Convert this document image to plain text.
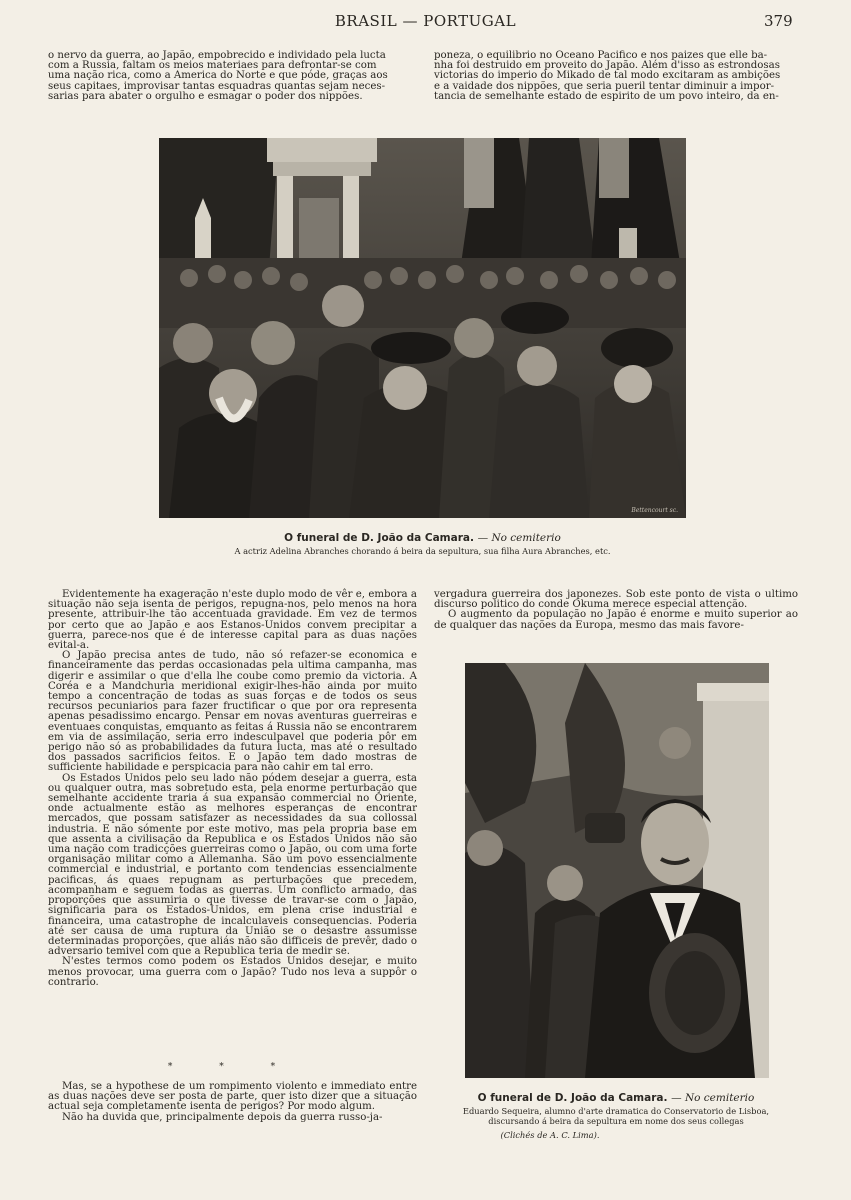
BRASIL — PORTUGAL	379

o nervo da guerra, ao Japão, empobrecido e individado pela lucta

com a Russia, faltam os meios materiaes para defrontar-se com

uma nação rica, como a America do Norte e que póde, graças aos

seus capitaes, improvisar tantas esquadras quantas sejam neces-

sarias para abater o orgulho e esmagar o poder dos nippões.

poneza, o equilibrio no Oceano Pacifico e nos paizes que elle ba-

nha foi destruido em proveito do Japão. Além d'isso as estrondosas

victorias do imperio do Mikado de tal modo excitaram as ambições

e a vaidade dos nippões, que seria pueril tentar diminuir a impor-

tancia de semelhante estado de espirito de um povo inteiro, da en-

Bettencourt sc.
O funeral de D. João da Camara. — No cemiterio
A actriz Adelina Abranches chorando á beira da sepultura, sua filha Aura Abranches, etc.

Evidentemente ha exageração n'este duplo modo de vêr e, embora a situação não seja isenta de perigos, repugna-nos, pelo menos na hora presente, attribuir-lhe tão accentuada gravidade. Em vez de termos por certo que ao Japão e aos Estanos-Unidos convem precipitar a guerra, parece-nos que é de interesse capital para as duas nações evital-a.

O Japão precisa antes de tudo, não só refazer-se economica e financeiramente das perdas occasionadas pela ultima campanha, mas digerir e assimilar o que d'ella lhe coube como premio da victoria. A Coréa e a Mandchuria meridional exigir-lhes-hão ainda por muito tempo a concentração de todas as suas forças e de todos os seus recursos pecuniarios para fazer fructificar o que por ora representa apenas pesadissimo encargo. Pensar em novas aventuras guerreiras e eventuaes conquistas, emquanto as feitas á Russia não se encontrarem em via de assimilação, seria erro indesculpavel que poderia pôr em perigo não só as probabilidades da futura lucta, mas até o resultado dos passados sacrificios feitos. E o Japão tem dado mostras de sufficiente habilidade e perspicacia para não cahir em tal erro.

Os Estados Unidos pelo seu lado não pódem desejar a guerra, esta ou qualquer outra, mas sobretudo esta, pela enorme perturbação que semelhante accidente traria á sua expansão commercial no Oriente, onde actualmente estão as melhores esperanças de encontrar mercados, que possam satisfazer as necessidades da sua collossal industria. E não sómente por este motivo, mas pela propria base em que assenta a civilisação da Republica e os Estados Unidos não são uma nação com tradicções guerreiras como o Japão, ou com uma forte organisação militar como a Allemanha. São um povo essencialmente commercial e industrial, e portanto com tendencias essencialmente pacificas, ás quaes repugnam as perturbações que precedem, acompanham e seguem todas as guerras. Um conflicto armado, das proporções que assumiria o que tivesse de travar-se com o Japão, significaria para os Estados-Unidos, em plena crise industrial e financeira, uma catastrophe de incalculaveis consequencias. Poderia até ser causa de uma ruptura da União se o desastre assumisse determinadas proporções, que aliás não são difficeis de prevêr, dado o adversario temivel com que a Republica teria de medir se.

N'estes termos como podem os Estados Unidos desejar, e muito menos provocar, uma guerra com o Japão? Tudo nos leva a suppôr o contrario.

* * *

Mas, se a hypothese de um rompimento violento e immediato entre as duas nações deve ser posta de parte, quer isto dizer que a situação actual seja completamente isenta de perigos? Por modo algum.

Não ha duvida que, principalmente depois da guerra russo-ja-

vergadura guerreira dos japonezes. Sob este ponto de vista o ultimo discurso politico do conde Okuma merece especial attenção.

O augmento da população no Japão é enorme e muito superior ao de qualquer das nações da Europa, mesmo das mais favore-

O funeral de D. João da Camara. — No cemiterio
Eduardo Sequeira, alumno d'arte dramatica do Conservatorio de Lisboa,
discursando á beira da sepultura em nome dos seus collegas
(Clichés de A. C. Lima).
